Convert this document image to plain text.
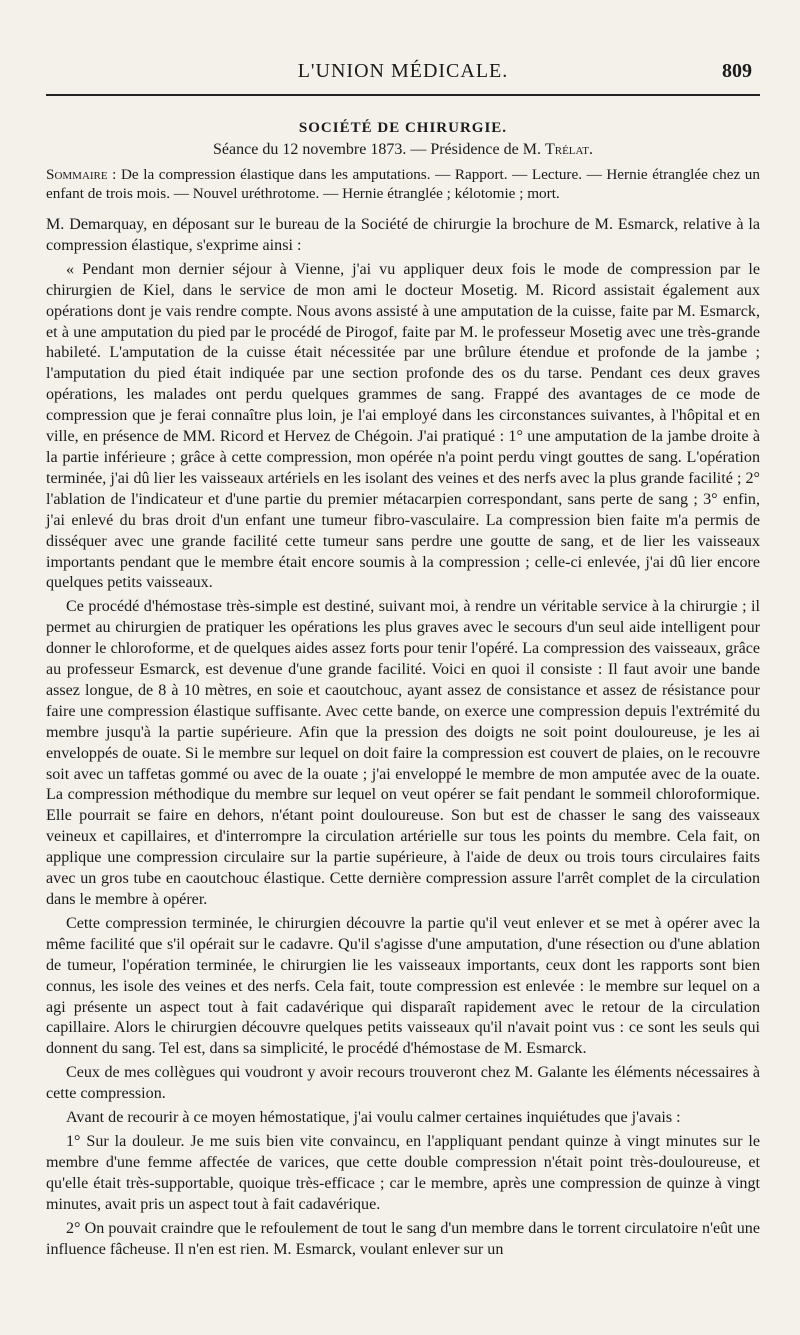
L'UNION MÉDICALE.	809
SOCIÉTÉ DE CHIRURGIE.
Séance du 12 novembre 1873. — Présidence de M. Trélat.
Sommaire : De la compression élastique dans les amputations. — Rapport. — Lecture. — Hernie étranglée chez un enfant de trois mois. — Nouvel uréthrotome. — Hernie étranglée ; kélotomie ; mort.

M. Demarquay, en déposant sur le bureau de la Société de chirurgie la brochure de M. Esmarck, relative à la compression élastique, s'exprime ainsi :

« Pendant mon dernier séjour à Vienne, j'ai vu appliquer deux fois le mode de compression par le chirurgien de Kiel, dans le service de mon ami le docteur Mosetig. M. Ricord assistait également aux opérations dont je vais rendre compte. Nous avons assisté à une amputation de la cuisse, faite par M. Esmarck, et à une amputation du pied par le procédé de Pirogof, faite par M. le professeur Mosetig avec une très-grande habileté. L'amputation de la cuisse était nécessitée par une brûlure étendue et profonde de la jambe ; l'amputation du pied était indiquée par une section profonde des os du tarse. Pendant ces deux graves opérations, les malades ont perdu quelques grammes de sang. Frappé des avantages de ce mode de compression que je ferai connaître plus loin, je l'ai employé dans les circonstances suivantes, à l'hôpital et en ville, en présence de MM. Ricord et Hervez de Chégoin. J'ai pratiqué : 1° une amputation de la jambe droite à la partie inférieure ; grâce à cette compression, mon opérée n'a point perdu vingt gouttes de sang. L'opération terminée, j'ai dû lier les vaisseaux artériels en les isolant des veines et des nerfs avec la plus grande facilité ; 2° l'ablation de l'indicateur et d'une partie du premier métacarpien correspondant, sans perte de sang ; 3° enfin, j'ai enlevé du bras droit d'un enfant une tumeur fibro-vasculaire. La compression bien faite m'a permis de disséquer avec une grande facilité cette tumeur sans perdre une goutte de sang, et de lier les vaisseaux importants pendant que le membre était encore soumis à la compression ; celle-ci enlevée, j'ai dû lier encore quelques petits vaisseaux.

Ce procédé d'hémostase très-simple est destiné, suivant moi, à rendre un véritable service à la chirurgie ; il permet au chirurgien de pratiquer les opérations les plus graves avec le secours d'un seul aide intelligent pour donner le chloroforme, et de quelques aides assez forts pour tenir l'opéré. La compression des vaisseaux, grâce au professeur Esmarck, est devenue d'une grande facilité. Voici en quoi il consiste : Il faut avoir une bande assez longue, de 8 à 10 mètres, en soie et caoutchouc, ayant assez de consistance et assez de résistance pour faire une compression élastique suffisante. Avec cette bande, on exerce une compression depuis l'extrémité du membre jusqu'à la partie supérieure. Afin que la pression des doigts ne soit point douloureuse, je les ai enveloppés de ouate. Si le membre sur lequel on doit faire la compression est couvert de plaies, on le recouvre soit avec un taffetas gommé ou avec de la ouate ; j'ai enveloppé le membre de mon amputée avec de la ouate. La compression méthodique du membre sur lequel on veut opérer se fait pendant le sommeil chloroformique. Elle pourrait se faire en dehors, n'étant point douloureuse. Son but est de chasser le sang des vaisseaux veineux et capillaires, et d'interrompre la circulation artérielle sur tous les points du membre. Cela fait, on applique une compression circulaire sur la partie supérieure, à l'aide de deux ou trois tours circulaires faits avec un gros tube en caoutchouc élastique. Cette dernière compression assure l'arrêt complet de la circulation dans le membre à opérer.

Cette compression terminée, le chirurgien découvre la partie qu'il veut enlever et se met à opérer avec la même facilité que s'il opérait sur le cadavre. Qu'il s'agisse d'une amputation, d'une résection ou d'une ablation de tumeur, l'opération terminée, le chirurgien lie les vaisseaux importants, ceux dont les rapports sont bien connus, les isole des veines et des nerfs. Cela fait, toute compression est enlevée : le membre sur lequel on a agi présente un aspect tout à fait cadavérique qui disparaît rapidement avec le retour de la circulation capillaire. Alors le chirurgien découvre quelques petits vaisseaux qu'il n'avait point vus : ce sont les seuls qui donnent du sang. Tel est, dans sa simplicité, le procédé d'hémostase de M. Esmarck.

Ceux de mes collègues qui voudront y avoir recours trouveront chez M. Galante les éléments nécessaires à cette compression.

Avant de recourir à ce moyen hémostatique, j'ai voulu calmer certaines inquiétudes que j'avais :

1° Sur la douleur. Je me suis bien vite convaincu, en l'appliquant pendant quinze à vingt minutes sur le membre d'une femme affectée de varices, que cette double compression n'était point très-douloureuse, et qu'elle était très-supportable, quoique très-efficace ; car le membre, après une compression de quinze à vingt minutes, avait pris un aspect tout à fait cadavérique.

2° On pouvait craindre que le refoulement de tout le sang d'un membre dans le torrent circulatoire n'eût une influence fâcheuse. Il n'en est rien. M. Esmarck, voulant enlever sur un
